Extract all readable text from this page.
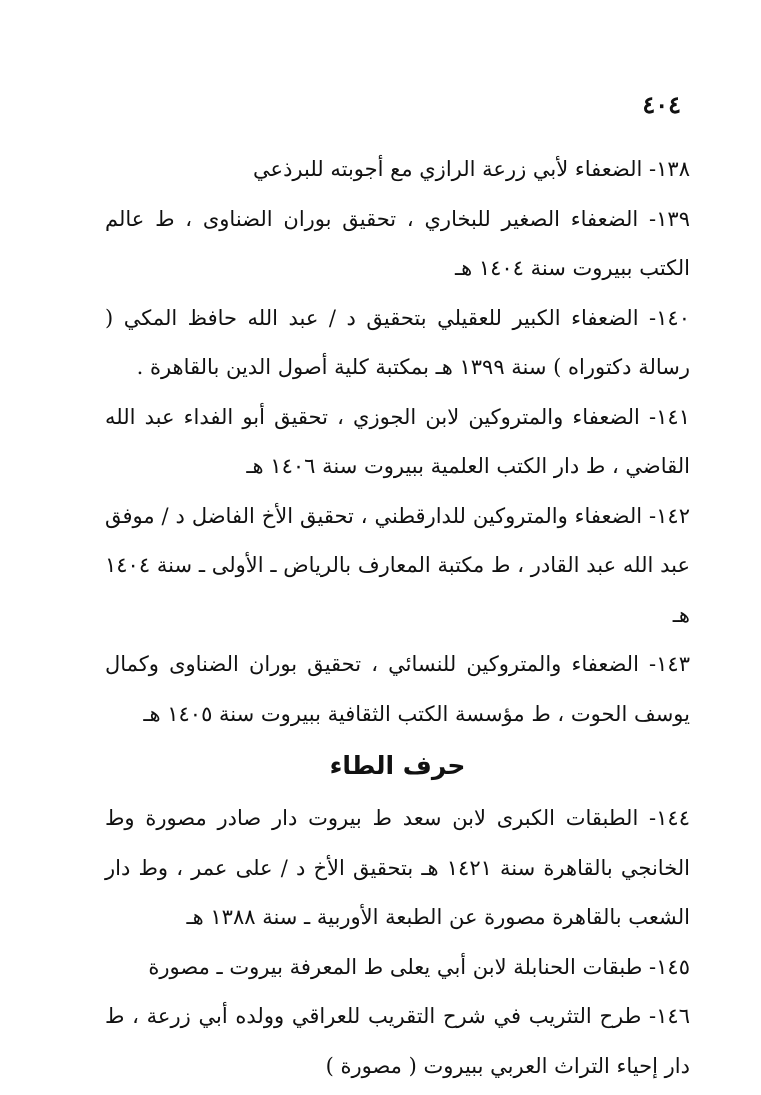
٤٠٤

١٣٨- الضعفاء لأبي زرعة الرازي مع أجوبته للبرذعي

١٣٩- الضعفاء الصغير للبخاري ، تحقيق بوران الضناوى ، ط عالم الكتب ببيروت سنة ١٤٠٤ هـ

١٤٠- الضعفاء الكبير للعقيلي بتحقيق د / عبد الله حافظ المكي ( رسالة دكتوراه ) سنة ١٣٩٩ هـ بمكتبة كلية أصول الدين بالقاهرة .

١٤١- الضعفاء والمتروكين لابن الجوزي ، تحقيق أبو الفداء عبد الله القاضي ، ط دار الكتب العلمية ببيروت سنة ١٤٠٦ هـ

١٤٢- الضعفاء والمتروكين للدارقطني ، تحقيق الأخ الفاضل د / موفق عبد الله عبد القادر ، ط مكتبة المعارف بالرياض ـ الأولى ـ سنة ١٤٠٤ هـ

١٤٣- الضعفاء والمتروكين للنسائي ، تحقيق بوران الضناوى وكمال يوسف الحوت ، ط مؤسسة الكتب الثقافية ببيروت سنة ١٤٠٥ هـ

حرف الطاء

١٤٤- الطبقات الكبرى لابن سعد ط بيروت دار صادر مصورة وط الخانجي بالقاهرة سنة ١٤٢١ هـ بتحقيق الأخ د / على عمر ، وط دار الشعب بالقاهرة مصورة عن الطبعة الأوربية ـ سنة ١٣٨٨ هـ

١٤٥- طبقات الحنابلة لابن أبي يعلى ط المعرفة بيروت ـ مصورة

١٤٦- طرح التثريب في شرح التقريب للعراقي وولده أبي زرعة ، ط دار إحياء التراث العربي ببيروت ( مصورة )
